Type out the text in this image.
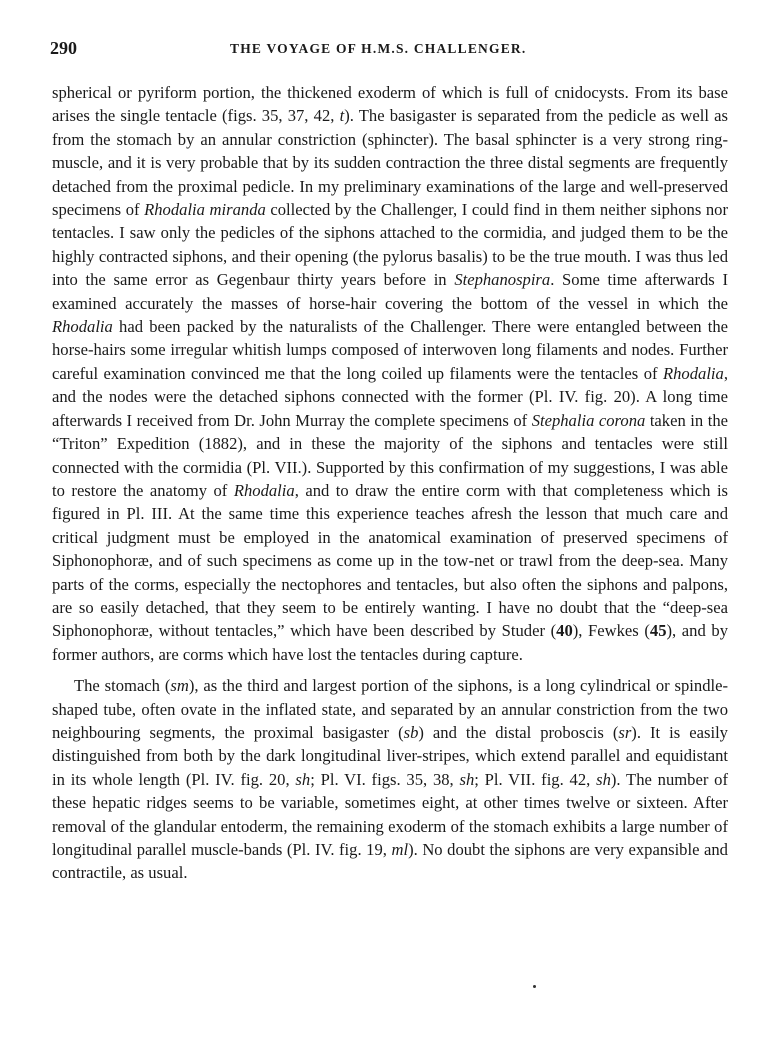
290	THE VOYAGE OF H.M.S. CHALLENGER.

spherical or pyriform portion, the thickened exoderm of which is full of cnidocysts. From its base arises the single tentacle (figs. 35, 37, 42, t). The basigaster is separated from the pedicle as well as from the stomach by an annular constriction (sphincter). The basal sphincter is a very strong ring-muscle, and it is very probable that by its sudden contraction the three distal segments are frequently detached from the proximal pedicle. In my preliminary examinations of the large and well-preserved specimens of Rhodalia miranda collected by the Challenger, I could find in them neither siphons nor tentacles. I saw only the pedicles of the siphons attached to the cormidia, and judged them to be the highly contracted siphons, and their opening (the pylorus basalis) to be the true mouth. I was thus led into the same error as Gegenbaur thirty years before in Stephanospira. Some time afterwards I examined accurately the masses of horse-hair covering the bottom of the vessel in which the Rhodalia had been packed by the naturalists of the Challenger. There were entangled between the horse-hairs some irregular whitish lumps composed of interwoven long filaments and nodes. Further careful examination convinced me that the long coiled up filaments were the tentacles of Rhodalia, and the nodes were the detached siphons connected with the former (Pl. IV. fig. 20). A long time afterwards I received from Dr. John Murray the complete specimens of Stephalia corona taken in the “Triton” Expedition (1882), and in these the majority of the siphons and tentacles were still connected with the cormidia (Pl. VII.). Supported by this confirmation of my suggestions, I was able to restore the anatomy of Rhodalia, and to draw the entire corm with that completeness which is figured in Pl. III. At the same time this experience teaches afresh the lesson that much care and critical judgment must be employed in the anatomical examination of preserved specimens of Siphonophoræ, and of such specimens as come up in the tow-net or trawl from the deep-sea. Many parts of the corms, especially the nectophores and tentacles, but also often the siphons and palpons, are so easily detached, that they seem to be entirely wanting. I have no doubt that the “deep-sea Siphonophoræ, without tentacles,” which have been described by Studer (40), Fewkes (45), and by former authors, are corms which have lost the tentacles during capture.

The stomach (sm), as the third and largest portion of the siphons, is a long cylindrical or spindle-shaped tube, often ovate in the inflated state, and separated by an annular constriction from the two neighbouring segments, the proximal basigaster (sb) and the distal proboscis (sr). It is easily distinguished from both by the dark longitudinal liver-stripes, which extend parallel and equidistant in its whole length (Pl. IV. fig. 20, sh; Pl. VI. figs. 35, 38, sh; Pl. VII. fig. 42, sh). The number of these hepatic ridges seems to be variable, sometimes eight, at other times twelve or sixteen. After removal of the glandular entoderm, the remaining exoderm of the stomach exhibits a large number of longitudinal parallel muscle-bands (Pl. IV. fig. 19, ml). No doubt the siphons are very expansible and contractile, as usual.
